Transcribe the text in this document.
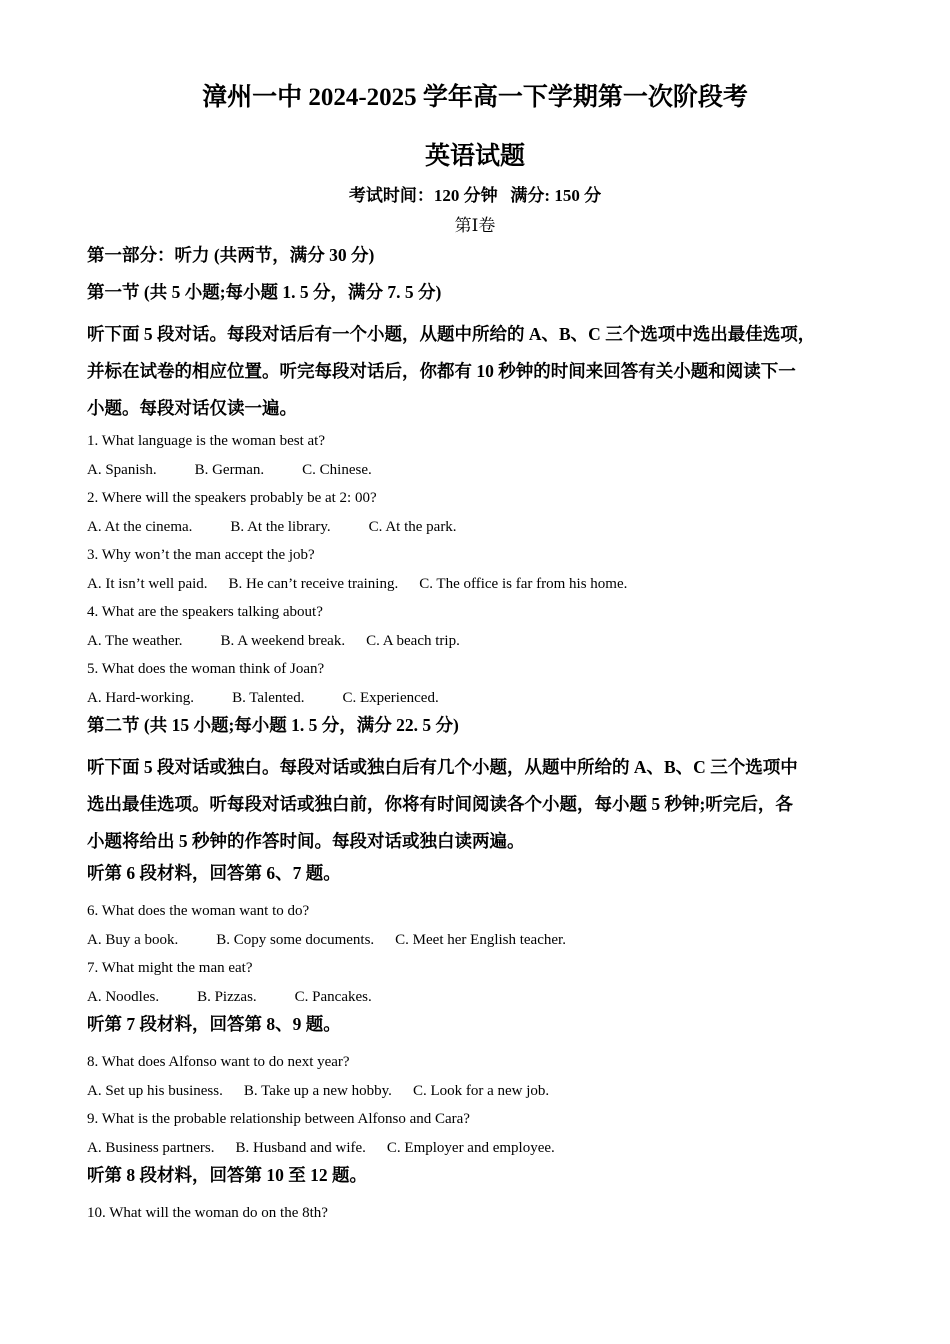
漳州一中 2024-2025 学年高一下学期第一次阶段考
英语试题
考试时间：120 分钟   满分: 150 分
第Ⅰ卷
第一部分：听力 (共两节，满分 30 分)
第一节 (共 5 小题;每小题 1. 5 分，满分 7. 5 分)
听下面 5 段对话。每段对话后有一个小题，从题中所给的 A、B、C 三个选项中选出最佳选项，
并标在试卷的相应位置。听完每段对话后，你都有 10 秒钟的时间来回答有关小题和阅读下一
小题。每段对话仅读一遍。
1. What language is the woman best at?
A. Spanish.	B. German.	C. Chinese.
2. Where will the speakers probably be at 2: 00?
A. At the cinema.	B. At the library.	C. At the park.
3. Why won’t the man accept the job?
A. It isn’t well paid. B. He can’t receive training. C. The office is far from his home.
4. What are the speakers talking about?
A. The weather.	B. A weekend break. C. A beach trip.
5. What does the woman think of Joan?
A. Hard-working.	B. Talented.	C. Experienced.
第二节 (共 15 小题;每小题 1. 5 分，满分 22. 5 分)
听下面 5 段对话或独白。每段对话或独白后有几个小题，从题中所给的 A、B、C 三个选项中
选出最佳选项。听每段对话或独白前，你将有时间阅读各个小题，每小题 5 秒钟;听完后，各
小题将给出 5 秒钟的作答时间。每段对话或独白读两遍。
听第 6 段材料，回答第 6、7 题。
6. What does the woman want to do?
A. Buy a book.	B. Copy some documents. C. Meet her English teacher.
7. What might the man eat?
A. Noodles.	B. Pizzas.	C. Pancakes.
听第 7 段材料，回答第 8、9 题。
8. What does Alfonso want to do next year?
A. Set up his business. B. Take up a new hobby. C. Look for a new job.
9. What is the probable relationship between Alfonso and Cara?
A. Business partners. B. Husband and wife. C. Employer and employee.
听第 8 段材料，回答第 10 至 12 题。
10. What will the woman do on the 8th?
